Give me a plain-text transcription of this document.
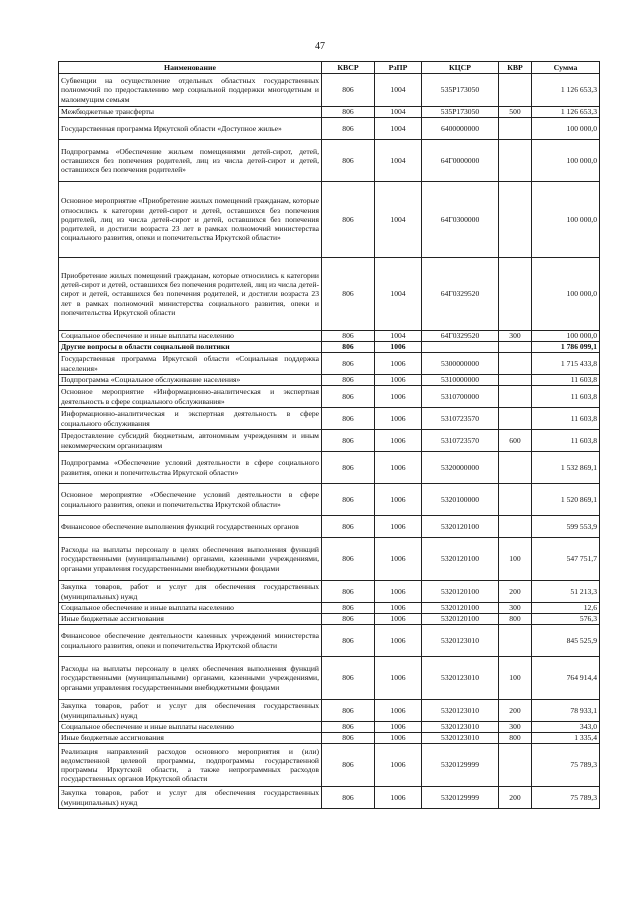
47
Наименование	КВСР	РзПР	КЦСР	КВР	Сумма
Субвенции на осуществление отдельных областных государственных полномочий по предоставлению мер социальной поддержки многодетным и малоимущим семьям	806	1004	535Р173050		1 126 653,3
Межбюджетные трансферты	806	1004	535Р173050	500	1 126 653,3
Государственная программа Иркутской области «Доступное жилье»	806	1004	6400000000		100 000,0
Подпрограмма «Обеспечение жильем помещениями детей-сирот, детей, оставшихся без попечения родителей, лиц из числа детей-сирот и детей, оставшихся без попечения родителей»	806	1004	64Г0000000		100 000,0
Основное мероприятие «Приобретение жилых помещений гражданам, которые относились к категории детей-сирот и детей, оставшихся без попечения родителей, лиц из числа детей-сирот и детей, оставшихся без попечения родителей, и достигли возраста 23 лет в рамках полномочий министерства социального развития, опеки и попечительства Иркутской области»	806	1004	64Г0300000		100 000,0
Приобретение жилых помещений гражданам, которые относились к категории детей-сирот и детей, оставшихся без попечения родителей, лиц из числа детей-сирот и детей, оставшихся без попечения родителей, и достигли возраста 23 лет в рамках полномочий министерства социального развития, опеки и попечительства Иркутской области	806	1004	64Г0329520		100 000,0
Социальное обеспечение и иные выплаты населению	806	1004	64Г0329520	300	100 000,0
Другие вопросы в области социальной политики	806	1006			1 786 099,1
Государственная программа Иркутской области «Социальная поддержка населения»	806	1006	5300000000		1 715 433,8
Подпрограмма «Социальное обслуживание населения»	806	1006	5310000000		11 603,8
Основное мероприятие «Информационно-аналитическая и экспертная деятельность в сфере социального обслуживания»	806	1006	5310700000		11 603,8
Информационно-аналитическая и экспертная деятельность в сфере социального обслуживания	806	1006	5310723570		11 603,8
Предоставление субсидий бюджетным, автономным учреждениям и иным некоммерческим организациям	806	1006	5310723570	600	11 603,8
Подпрограмма «Обеспечение условий деятельности в сфере социального развития, опеки и попечительства Иркутской области»	806	1006	5320000000		1 532 869,1
Основное мероприятие «Обеспечение условий деятельности в сфере социального развития, опеки и попечительства Иркутской области»	806	1006	5320100000		1 520 869,1
Финансовое обеспечение выполнения функций государственных органов	806	1006	5320120100		599 553,9
Расходы на выплаты персоналу в целях обеспечения выполнения функций государственными (муниципальными) органами, казенными учреждениями, органами управления государственными внебюджетными фондами	806	1006	5320120100	100	547 751,7
Закупка товаров, работ и услуг для обеспечения государственных (муниципальных) нужд	806	1006	5320120100	200	51 213,3
Социальное обеспечение и иные выплаты населению	806	1006	5320120100	300	12,6
Иные бюджетные ассигнования	806	1006	5320120100	800	576,3
Финансовое обеспечение деятельности казенных учреждений министерства социального развития, опеки и попечительства Иркутской области	806	1006	5320123010		845 525,9
Расходы на выплаты персоналу в целях обеспечения выполнения функций государственными (муниципальными) органами, казенными учреждениями, органами управления государственными внебюджетными фондами	806	1006	5320123010	100	764 914,4
Закупка товаров, работ и услуг для обеспечения государственных (муниципальных) нужд	806	1006	5320123010	200	78 933,1
Социальное обеспечение и иные выплаты населению	806	1006	5320123010	300	343,0
Иные бюджетные ассигнования	806	1006	5320123010	800	1 335,4
Реализация направлений расходов основного мероприятия и (или) ведомственной целевой программы, подпрограммы государственной программы Иркутской области, а также непрограммных расходов государственных органов Иркутской области	806	1006	5320129999		75 789,3
Закупка товаров, работ и услуг для обеспечения государственных (муниципальных) нужд	806	1006	5320129999	200	75 789,3
